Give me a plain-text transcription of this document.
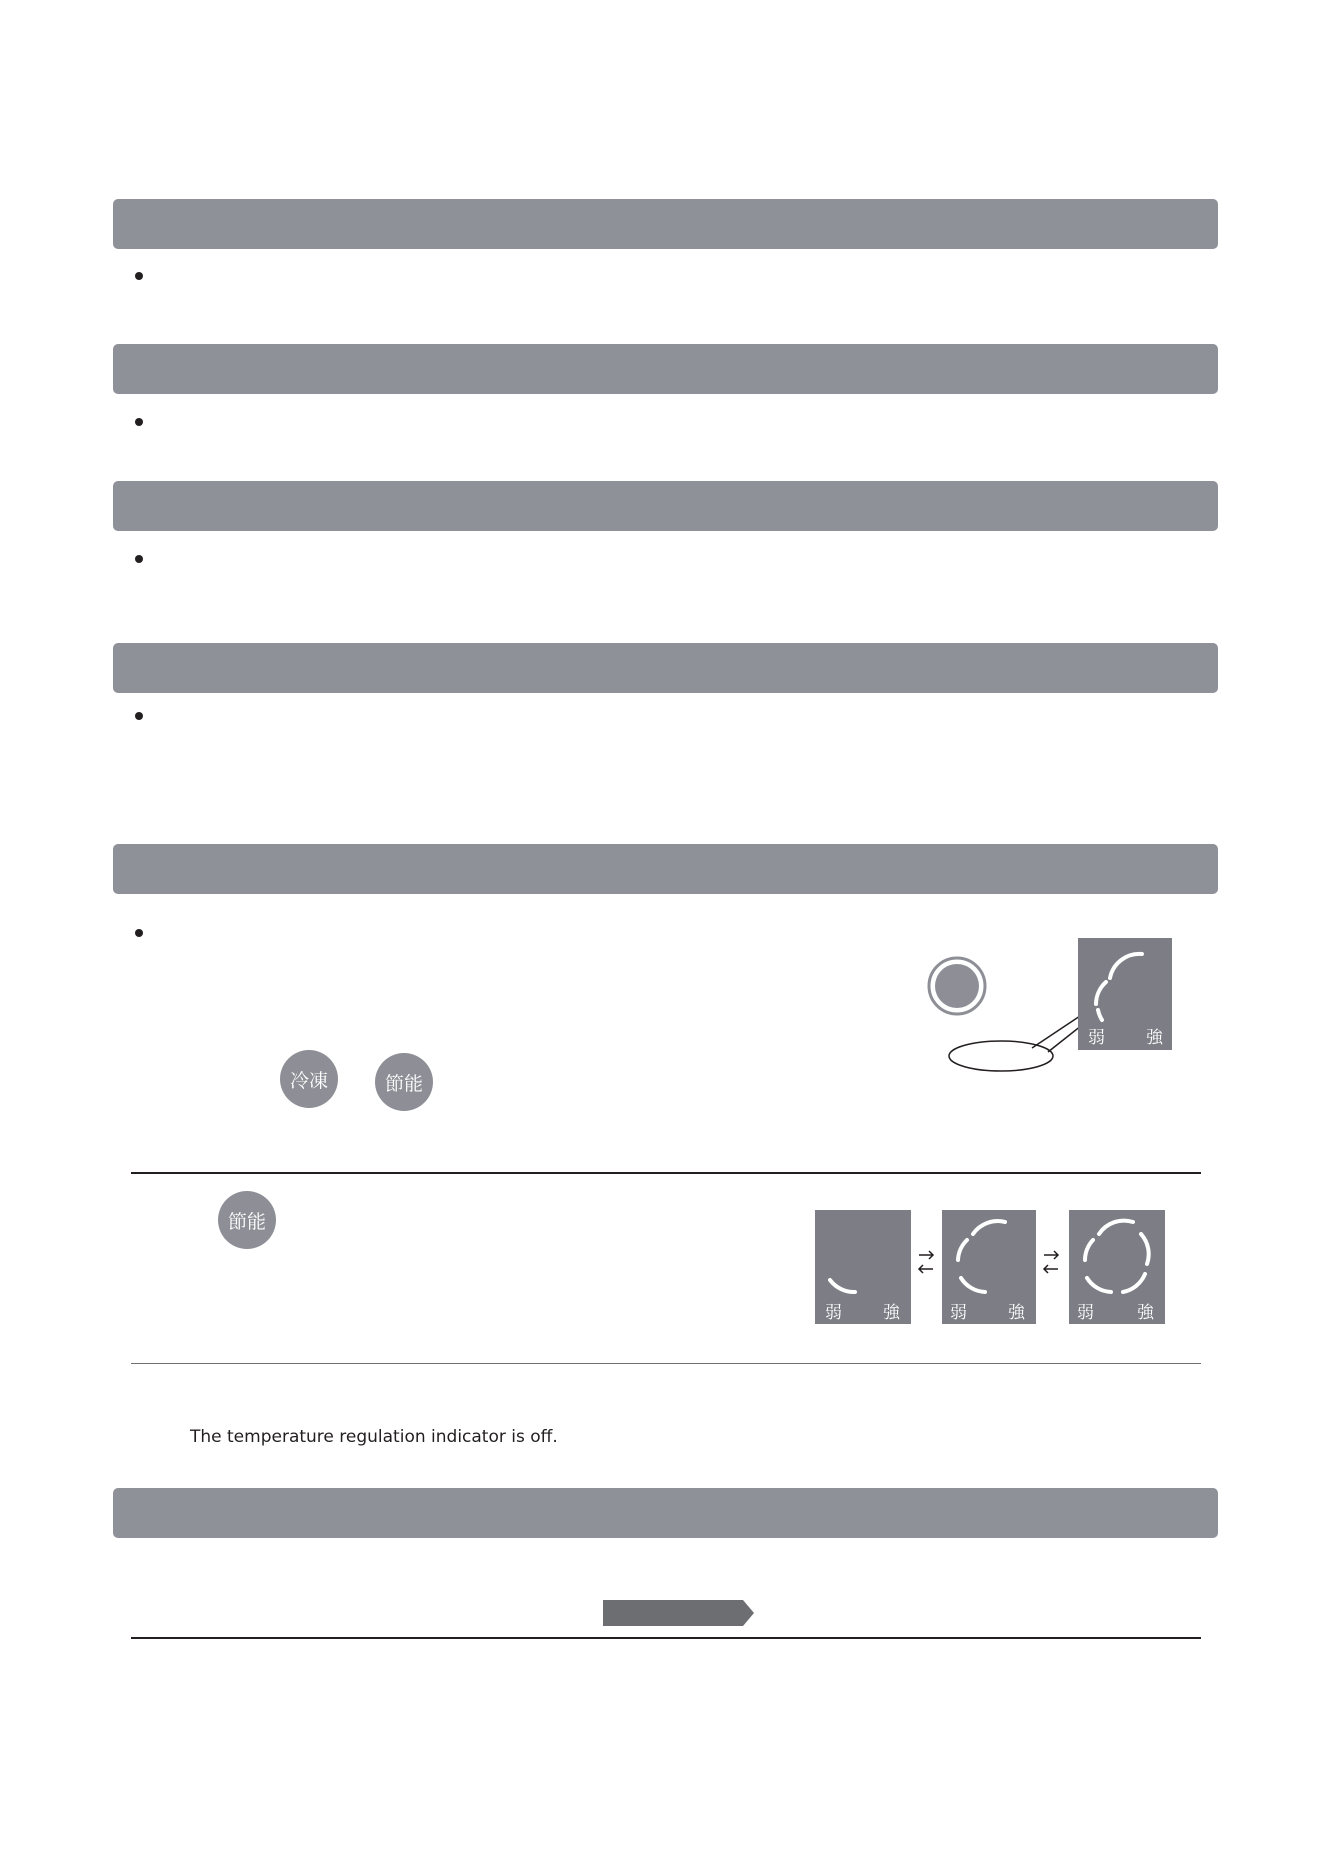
弱 強
冷凍	節能
節能
弱 強	弱 強	弱	強
The temperature regulation indicator is off.
